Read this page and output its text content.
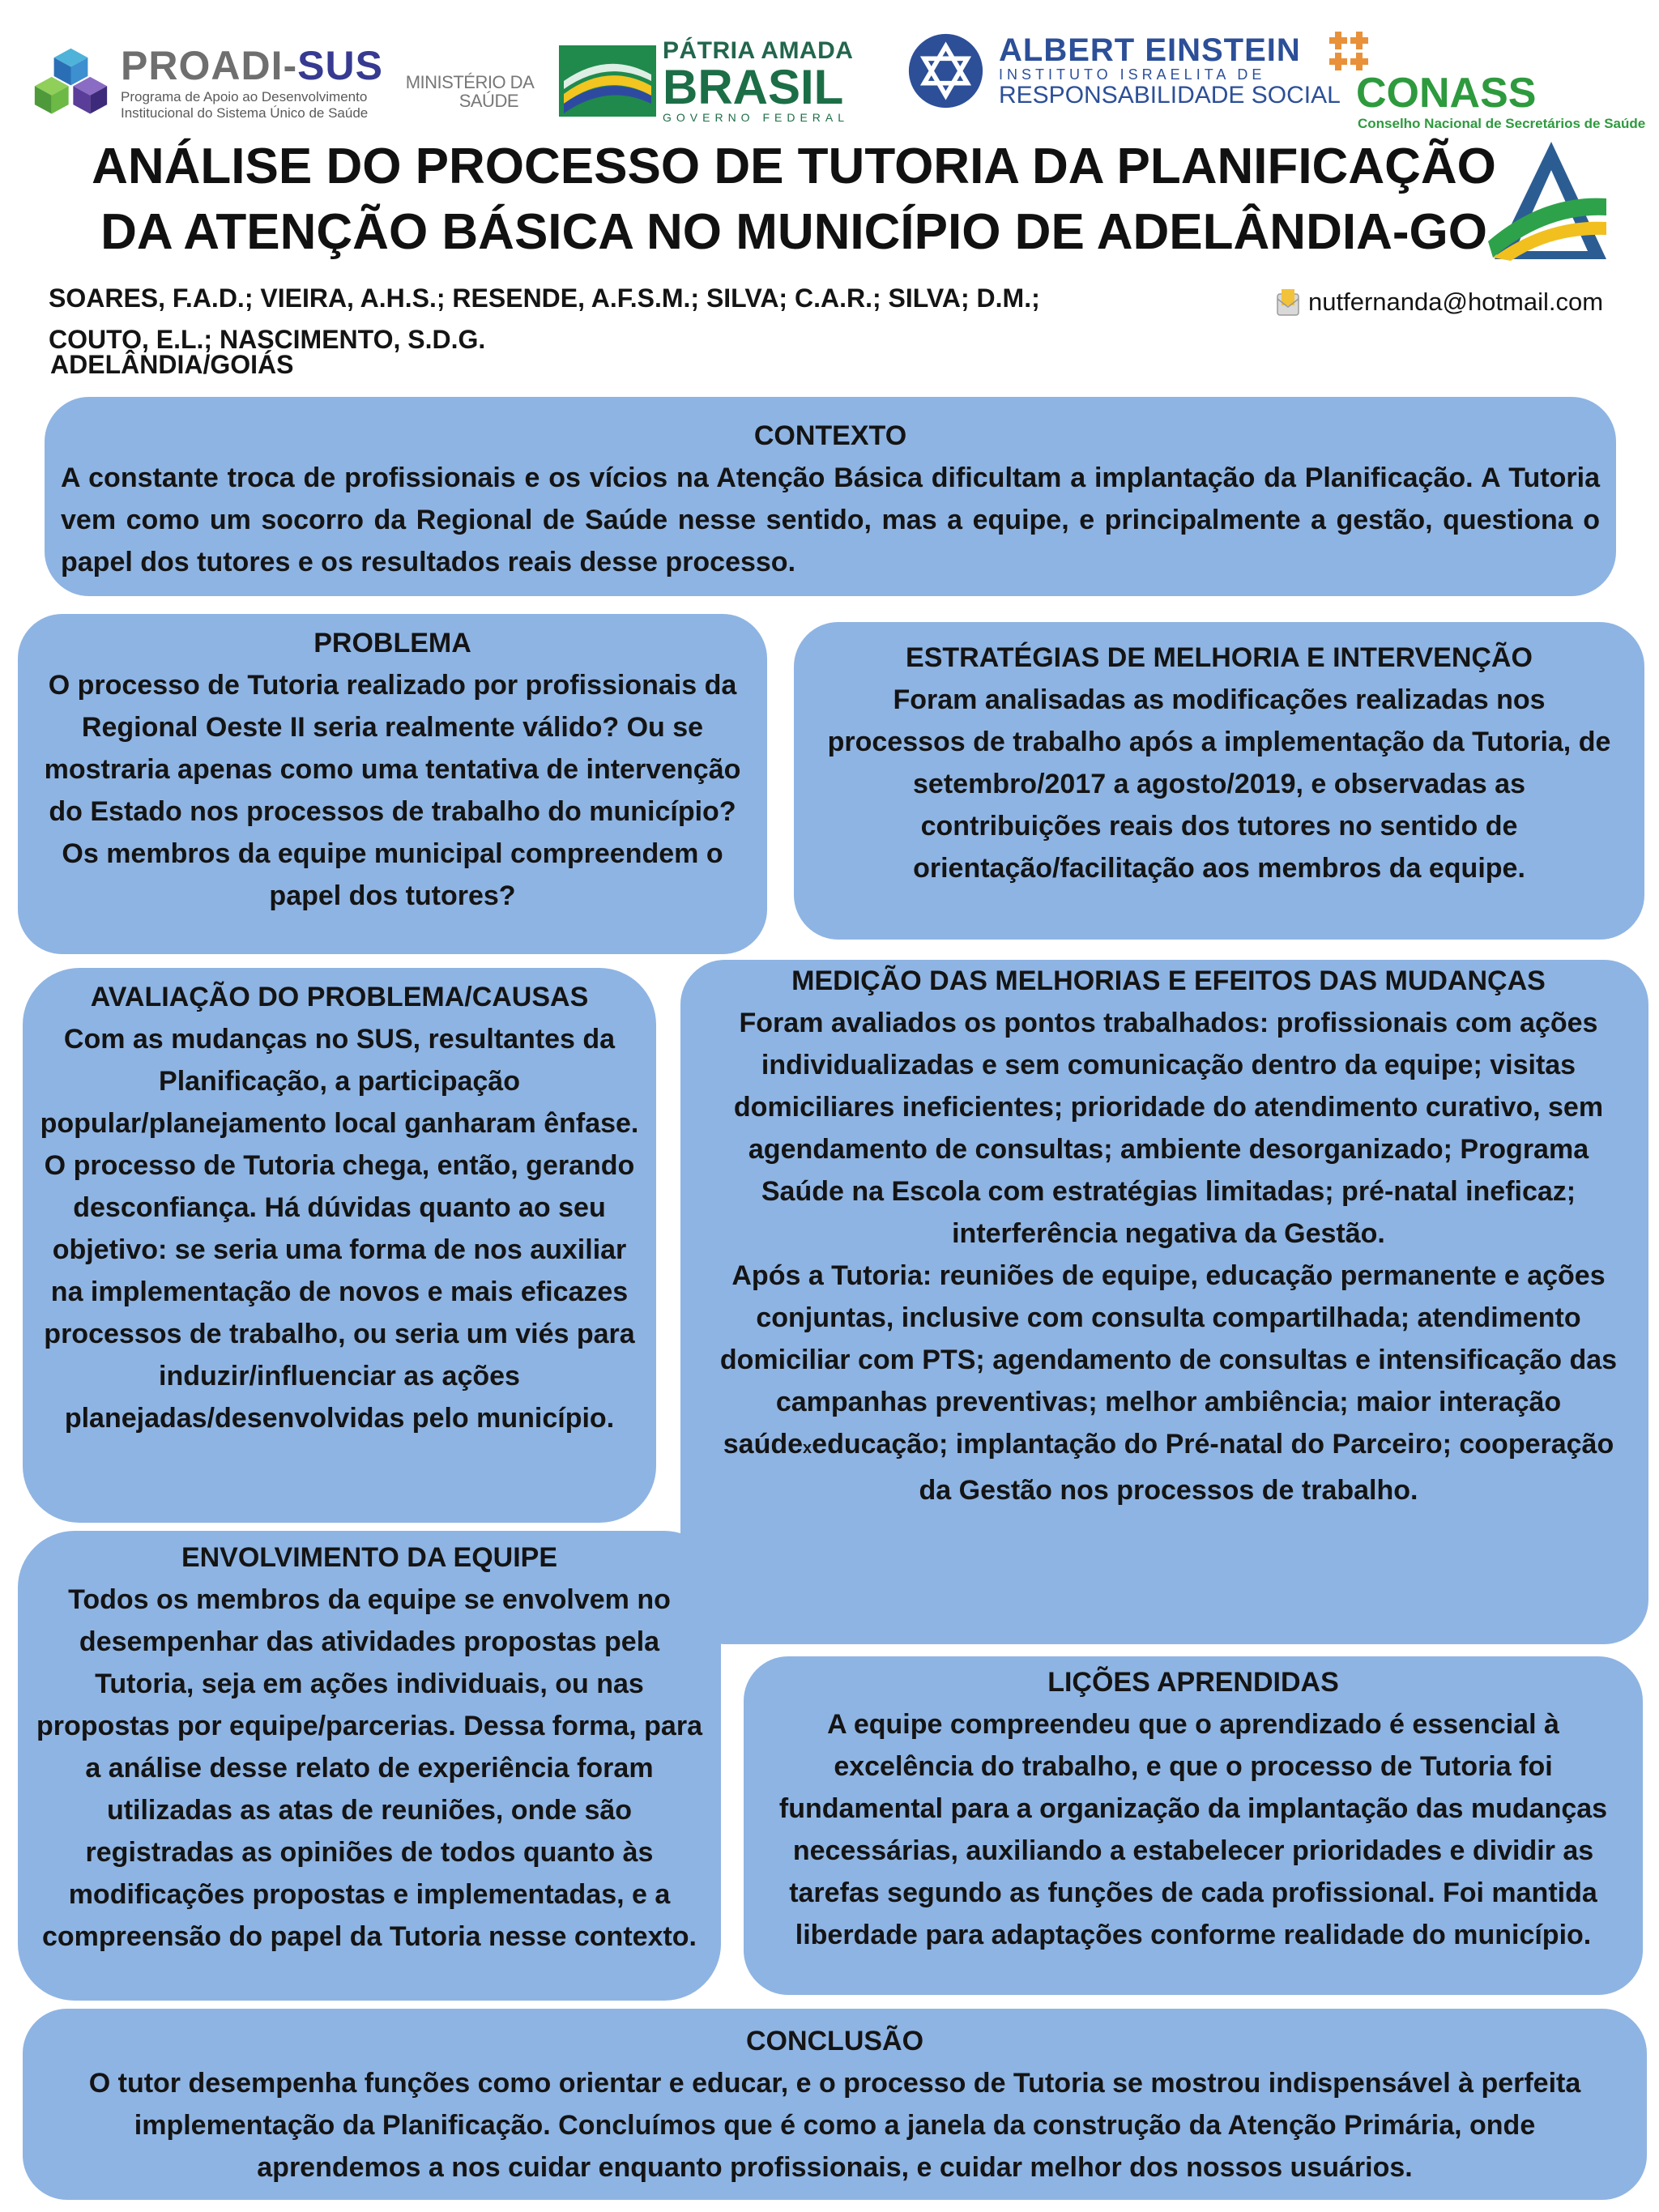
PROADI-SUS
Programa de Apoio ao Desenvolvimento
Institucional do Sistema Único de Saúde
MINISTÉRIO DA
SAÚDE
PÁTRIA AMADA
BRASIL
GOVERNO FEDERAL
ALBERT EINSTEIN
INSTITUTO ISRAELITA DE
RESPONSABILIDADE SOCIAL CONASS
Conselho Nacional de Secretários de Saúde
ANÁLISE DO PROCESSO DE TUTORIA DA PLANIFICAÇÃO
DA ATENÇÃO BÁSICA NO MUNICÍPIO DE ADELÂNDIA-GO
SOARES, F.A.D.; VIEIRA, A.H.S.; RESENDE, A.F.S.M.; SILVA; C.A.R.; SILVA; D.M.;
COUTO, E.L.; NASCIMENTO, S.D.G.
ADELÂNDIA/GOIÁS
nutfernanda@hotmail.com
CONTEXTO
A constante troca de profissionais e os vícios na Atenção Básica dificultam a implantação da Planificação. A Tutoria vem como um socorro da Regional de Saúde nesse sentido, mas a equipe, e principalmente a gestão, questiona o papel dos tutores e os resultados reais desse processo.
PROBLEMA
O processo de Tutoria realizado por profissionais da Regional Oeste II seria realmente válido? Ou se mostraria apenas como uma tentativa de intervenção do Estado nos processos de trabalho do município? Os membros da equipe municipal compreendem o papel dos tutores?
ESTRATÉGIAS DE MELHORIA E INTERVENÇÃO
Foram analisadas as modificações realizadas nos processos de trabalho após a implementação da Tutoria, de setembro/2017 a agosto/2019, e observadas as contribuições reais dos tutores no sentido de orientação/facilitação aos membros da equipe.
MEDIÇÃO DAS MELHORIAS E EFEITOS DAS MUDANÇAS
Foram avaliados os pontos trabalhados: profissionais com ações individualizadas e sem comunicação dentro da equipe; visitas domiciliares ineficientes; prioridade do atendimento curativo, sem agendamento de consultas; ambiente desorganizado; Programa Saúde na Escola com estratégias limitadas; pré-natal ineficaz; interferência negativa da Gestão.
Após a Tutoria: reuniões de equipe, educação permanente e ações conjuntas, inclusive com consulta compartilhada; atendimento domiciliar com PTS; agendamento de consultas e intensificação das campanhas preventivas; melhor ambiência; maior interação saúdexeducação; implantação do Pré-natal do Parceiro; cooperação da Gestão nos processos de trabalho.
AVALIAÇÃO DO PROBLEMA/CAUSAS
Com as mudanças no SUS, resultantes da Planificação, a participação popular/planejamento local ganharam ênfase. O processo de Tutoria chega, então, gerando desconfiança. Há dúvidas quanto ao seu objetivo: se seria uma forma de nos auxiliar na implementação de novos e mais eficazes processos de trabalho, ou seria um viés para induzir/influenciar as ações planejadas/desenvolvidas pelo município.
ENVOLVIMENTO DA EQUIPE
Todos os membros da equipe se envolvem no desempenhar das atividades propostas pela Tutoria, seja em ações individuais, ou nas propostas por equipe/parcerias. Dessa forma, para a análise desse relato de experiência foram utilizadas as atas de reuniões, onde são registradas as opiniões de todos quanto às modificações propostas e implementadas, e a compreensão do papel da Tutoria nesse contexto.
LIÇÕES APRENDIDAS
A equipe compreendeu que o aprendizado é essencial à excelência do trabalho, e que o processo de Tutoria foi fundamental para a organização da implantação das mudanças necessárias, auxiliando a estabelecer prioridades e dividir as tarefas segundo as funções de cada profissional. Foi mantida liberdade para adaptações conforme realidade do município.
CONCLUSÃO
O tutor desempenha funções como orientar e educar, e o processo de Tutoria se mostrou indispensável à perfeita implementação da Planificação. Concluímos que é como a janela da construção da Atenção Primária, onde aprendemos a nos cuidar enquanto profissionais, e cuidar melhor dos nossos usuários.
